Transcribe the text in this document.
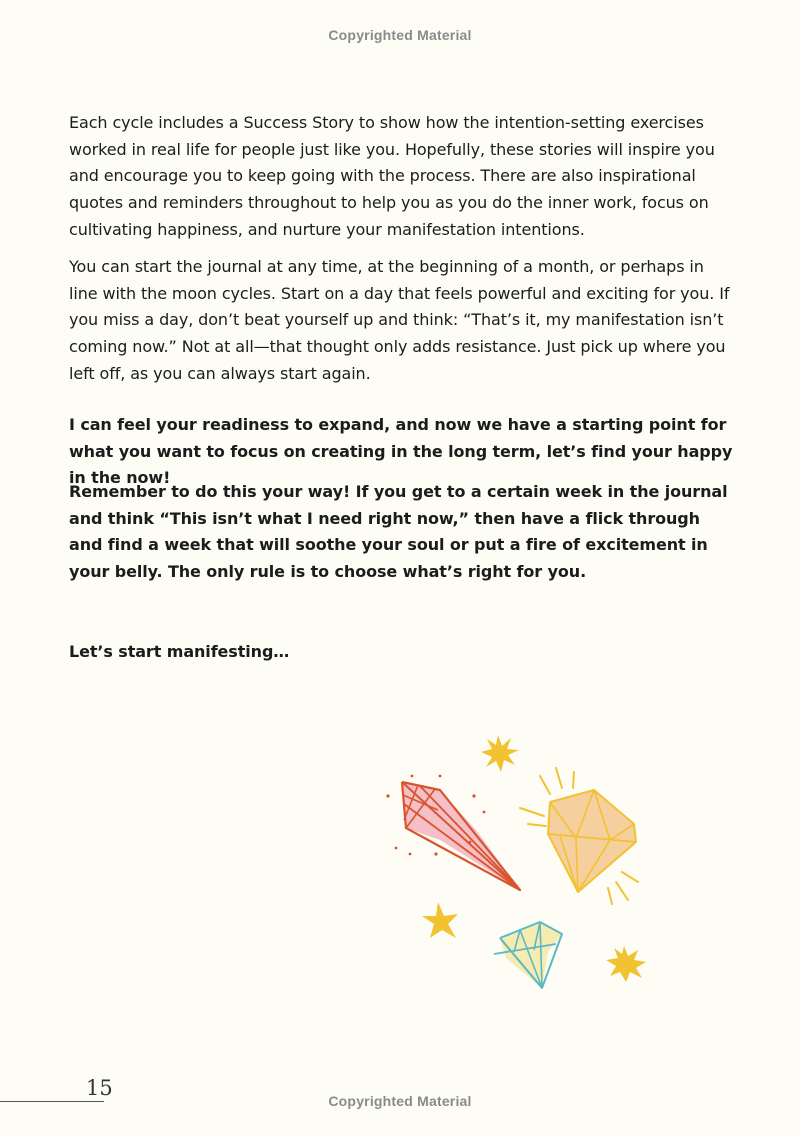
Copyrighted Material

Each cycle includes a Success Story to show how the intention-setting exercises worked in real life for people just like you. Hopefully, these stories will inspire you and encourage you to keep going with the process. There are also inspirational quotes and reminders throughout to help you as you do the inner work, focus on cultivating happiness, and nurture your manifestation intentions.

You can start the journal at any time, at the beginning of a month, or perhaps in line with the moon cycles. Start on a day that feels powerful and exciting for you. If you miss a day, don’t beat yourself up and think: “That’s it, my manifestation isn’t coming now.” Not at all—that thought only adds resistance. Just pick up where you left off, as you can always start again.

I can feel your readiness to expand, and now we have a starting point for what you want to focus on creating in the long term, let’s find your happy in the now!

Remember to do this your way! If you get to a certain week in the journal and think “This isn’t what I need right now,” then have a flick through and find a week that will soothe your soul or put a fire of excitement in your belly. The only rule is to choose what’s right for you.

Let’s start manifesting…

15
Copyrighted Material
